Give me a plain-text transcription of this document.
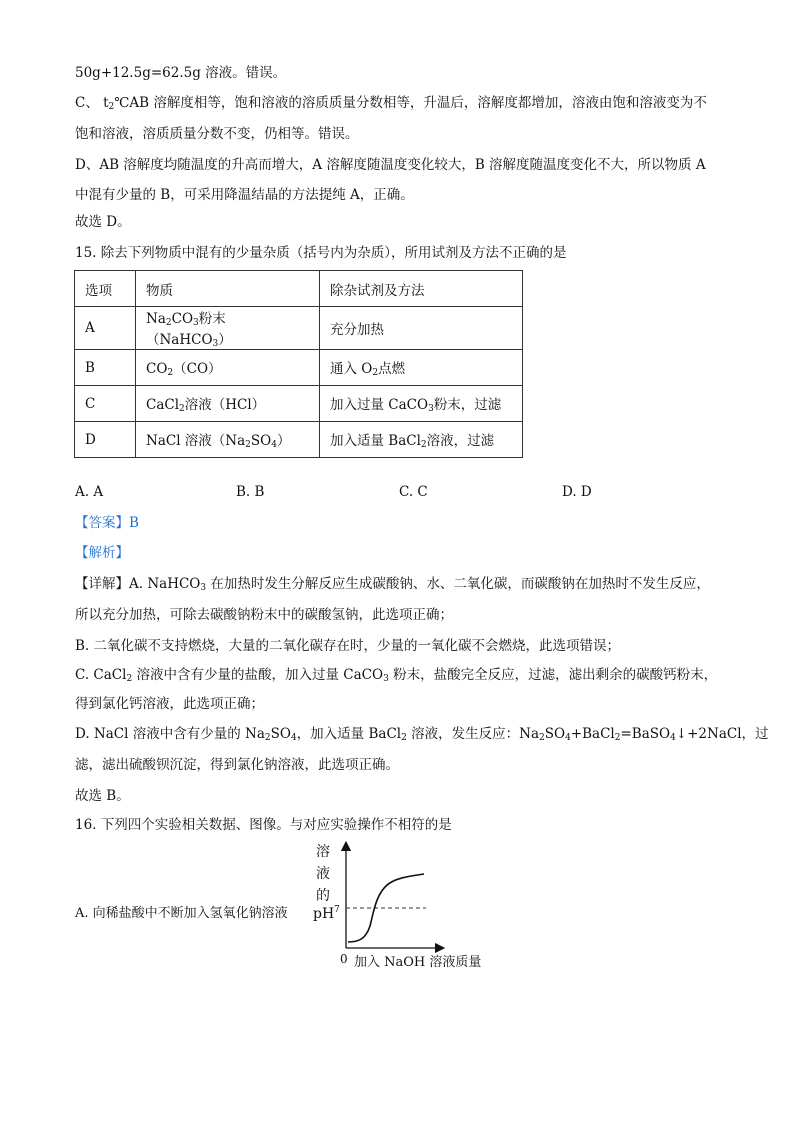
50g+12.5g=62.5g 溶液。错误。
C、 $t_2℃AB$ 溶解度相等，饱和溶液的溶质质量分数相等，升温后，溶解度都增加，溶液由饱和溶液变为不
饱和溶液，溶质质量分数不变，仍相等。错误。
D、AB 溶解度均随温度的升高而增大，A 溶解度随温度变化较大，B 溶解度随温度变化不大，所以物质 A
中混有少量的 B，可采用降温结晶的方法提纯 A，正确。
故选 D。
15. 除去下列物质中混有的少量杂质（括号内为杂质），所用试剂及方法不正确的是
选项	物质	除杂试剂及方法
A	$Na_2CO_3$粉末（NaHCO$_3$）	充分加热
B	$CO_2(CO)$	通入 $O_2$点燃
C	CaCl$_2$溶液（HCl）	加入过量 CaCO$_3$粉末，过滤
D	NaCl 溶液$(Na_2SO_4)$	加入适量 BaCl$_2$溶液，过滤
A. A	B. B	C. C	D. D
【答案】B
【解析】
【详解】A. NaHCO$_3$ 在加热时发生分解反应生成碳酸钠、水、二氧化碳，而碳酸钠在加热时不发生反应，
所以充分加热，可除去碳酸钠粉末中的碳酸氢钠，此选项正确；
B. 二氧化碳不支持燃烧，大量的二氧化碳存在时，少量的一氧化碳不会燃烧，此选项错误；
C. CaCl$_2$ 溶液中含有少量的盐酸，加入过量 CaCO$_3$ 粉末，盐酸完全反应，过滤，滤出剩余的碳酸钙粉末，
得到氯化钙溶液，此选项正确；
D. NaCl 溶液中含有少量的 $Na_2SO_4$，加入适量 BaCl$_2$ 溶液，发生反应：$Na_2SO_4+BaCl_2=BaSO_4↓+2NaCl$，过
滤，滤出硫酸钡沉淀，得到氯化钠溶液，此选项正确。
故选 B。
16. 下列四个实验相关数据、图像。与对应实验操作不相符的是
A. 向稀盐酸中不断加入氢氧化钠溶液
溶
液
的
pH 7
0 加入 NaOH 溶液质量
